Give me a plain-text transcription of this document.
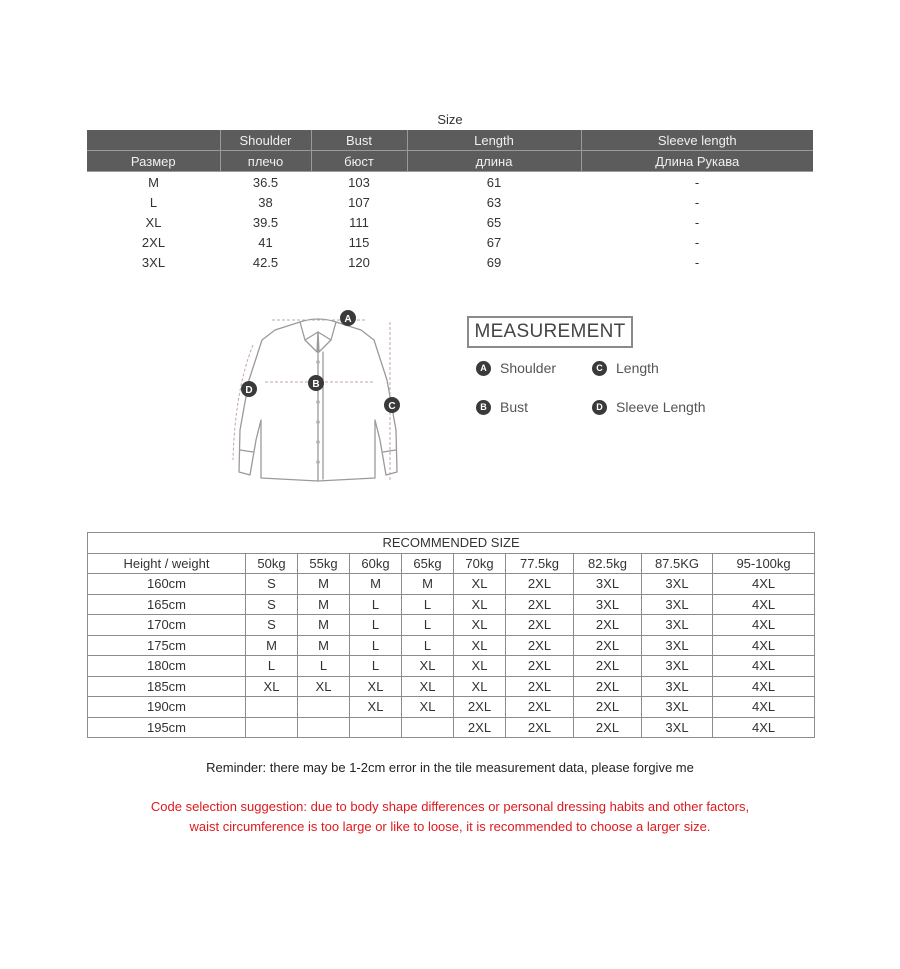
Size
	Shoulder	Bust	Length	Sleeve length
Размер	плечо	бюст	длина	Длина Рукава
M	36.5	103	61	-
L	38	107	63	-
XL	39.5	111	65	-
2XL	41	115	67	-
3XL	42.5	120	69	-
A
B
C
D
MEASUREMENT
A Shoulder	C Length
B Bust	D Sleeve Length
RECOMMENDED SIZE									
Height / weight	50kg	55kg	60kg	65kg	70kg	77.5kg	82.5kg	87.5KG	95-100kg
160cm	S	M	M	M	XL	2XL	3XL	3XL	4XL
165cm	S	M	L	L	XL	2XL	3XL	3XL	4XL
170cm	S	M	L	L	XL	2XL	2XL	3XL	4XL
175cm	M	M	L	L	XL	2XL	2XL	3XL	4XL
180cm	L	L	L	XL	XL	2XL	2XL	3XL	4XL
185cm	XL	XL	XL	XL	XL	2XL	2XL	3XL	4XL
190cm			XL	XL	2XL	2XL	2XL	3XL	4XL
195cm					2XL	2XL	2XL	3XL	4XL
Reminder: there may be 1-2cm error in the tile measurement data, please forgive me
Code selection suggestion: due to body shape differences or personal dressing habits and other factors, waist circumference is too large or like to loose, it is recommended to choose a larger size.
